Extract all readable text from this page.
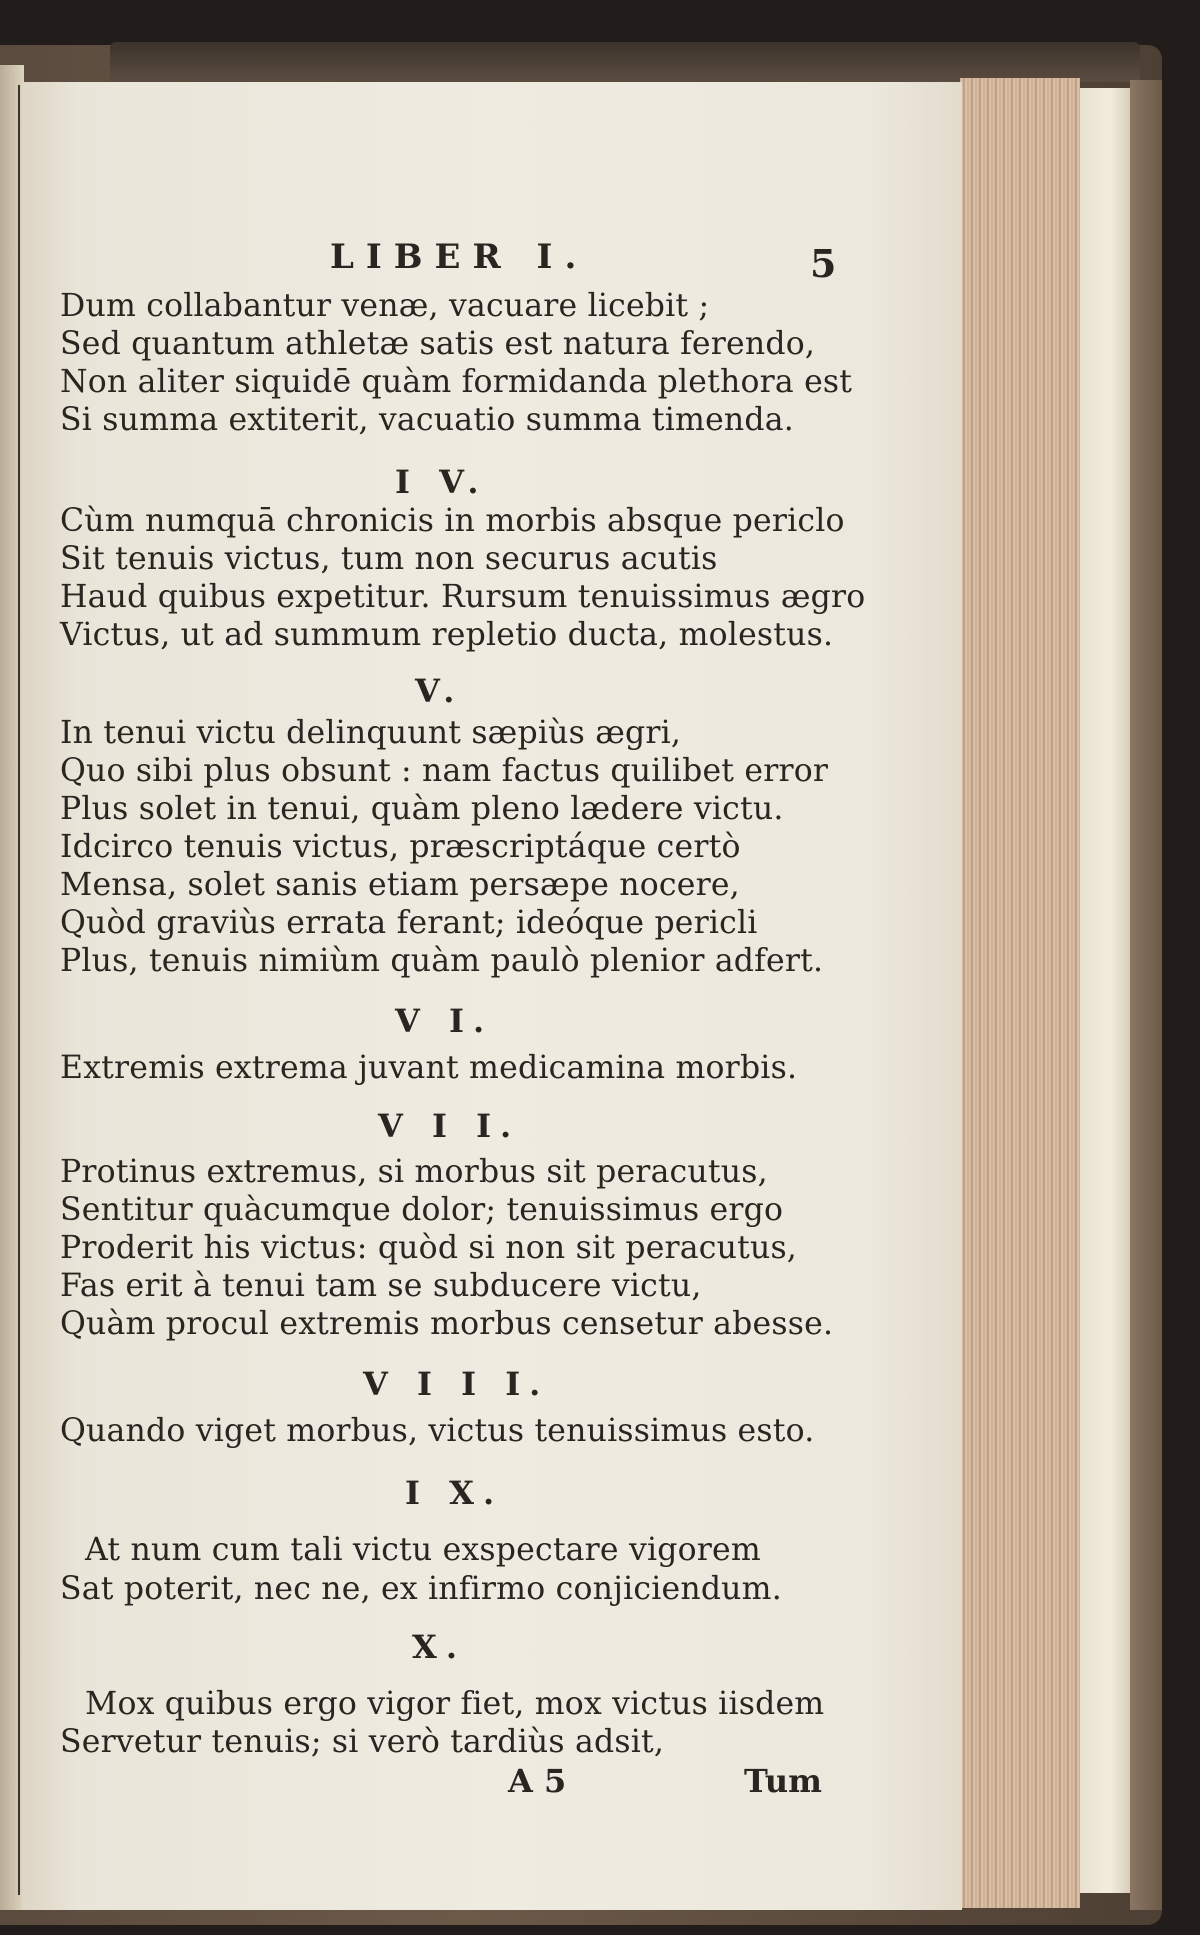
LIBER I.	5
Dum collabantur venæ, vacuare licebit ;
Sed quantum athletæ satis est natura ferendo,
Non aliter siquidē quàm formidanda plethora est
Si summa extiterit, vacuatio summa timenda.
I V.
Cùm numquā chronicis in morbis absque periclo
Sit tenuis victus, tum non securus acutis
Haud quibus expetitur. Rursum tenuissimus ægro
Victus, ut ad summum repletio ducta, molestus.
V.
In tenui victu delinquunt sæpiùs ægri,
Quo sibi plus obsunt : nam factus quilibet error
Plus solet in tenui, quàm pleno lædere victu.
Idcirco tenuis victus, præscriptáque certò
Mensa, solet sanis etiam persæpe nocere,
Quòd graviùs errata ferant; ideóque pericli
Plus, tenuis nimiùm quàm paulò plenior adfert.
V I.
Extremis extrema juvant medicamina morbis.
V I I.
Protinus extremus, si morbus sit peracutus,
Sentitur quàcumque dolor; tenuissimus ergo
Proderit his victus: quòd si non sit peracutus,
Fas erit à tenui tam se subducere victu,
Quàm procul extremis morbus censetur abesse.
V I I I.
Quando viget morbus, victus tenuissimus esto.
I X.
At num cum tali victu exspectare vigorem
Sat poterit, nec ne, ex infirmo conjiciendum.
X.
Mox quibus ergo vigor fiet, mox victus iisdem
Servetur tenuis; si verò tardiùs adsit,
A 5	Tum
